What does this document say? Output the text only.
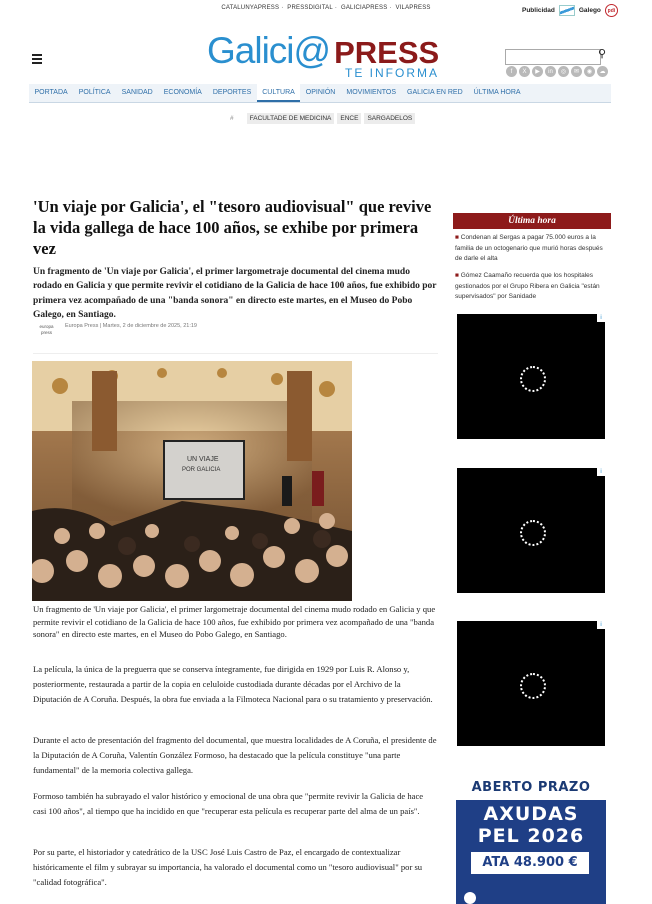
CATALUNYAPRESS · PRESSDIGITAL · GALICIAPRESS · VILAPRESS	Publicidad	Galego	pdi
Galici@ PRESS
TE INFORMA
⚲
f	X	▶	in	◎	✉	◉	☁
PORTADA	POLÍTICA	SANIDAD	ECONOMÍA	DEPORTES	CULTURA	OPINIÓN	MOVIMIENTOS	GALICIA EN RED	ÚLTIMA HORA
#	FACULTADE DE MEDICINA	ENCE	SARGADELOS
'Un viaje por Galicia', el "tesoro audiovisual" que revive la vida gallega de hace 100 años, se exhibe por primera vez

Un fragmento de 'Un viaje por Galicia', el primer largometraje documental del cinema mudo rodado en Galicia y que permite revivir el cotidiano de la Galicia de hace 100 años, fue exhibido por primera vez acompañado de una "banda sonora" en directo este martes, en el Museo do Pobo Galego, en Santiago.

europa
press
Europa Press | Martes, 2 de diciembre de 2025, 21:19
UN VIAJE
POR GALICIA

Un fragmento de 'Un viaje por Galicia', el primer largometraje documental del cinema mudo rodado en Galicia y que permite revivir el cotidiano de la Galicia de hace 100 años, fue exhibido por primera vez acompañado de una "banda sonora" en directo este martes, en el Museo do Pobo Galego, en Santiago.

La película, la única de la preguerra que se conserva íntegramente, fue dirigida en 1929 por Luis R. Alonso y, posteriormente, restaurada a partir de la copia en celuloide custodiada durante décadas por el Archivo de la Diputación de A Coruña. Después, la obra fue enviada a la Filmoteca Nacional para o su tratamiento y preservación.

Durante el acto de presentación del fragmento del documental, que muestra localidades de A Coruña, el presidente de la Diputación de A Coruña, Valentín González Formoso, ha destacado que la película constituye "una parte fundamental" de la memoria colectiva gallega.

Formoso también ha subrayado el valor histórico y emocional de una obra que "permite revivir la Galicia de hace casi 100 años", al tiempo que ha incidido en que "recuperar esta película es recuperar parte del alma de un país".

Por su parte, el historiador y catedrático de la USC José Luis Castro de Paz, el encargado de contextualizar históricamente el film y subrayar su importancia, ha valorado el documental como un "tesoro audiovisual" por su "calidad fotográfica".

Última hora
■ Condenan al Sergas a pagar 75.000 euros a la familia de un octogenario que murió horas después de darle el alta
■ Gómez Caamaño recuerda que los hospitales gestionados por el Grupo Ribera en Galicia "están supervisados" por Sanidade
i
i
i
ABERTO PRAZO
AXUDAS
PEL 2026
ATA 48.900 €
